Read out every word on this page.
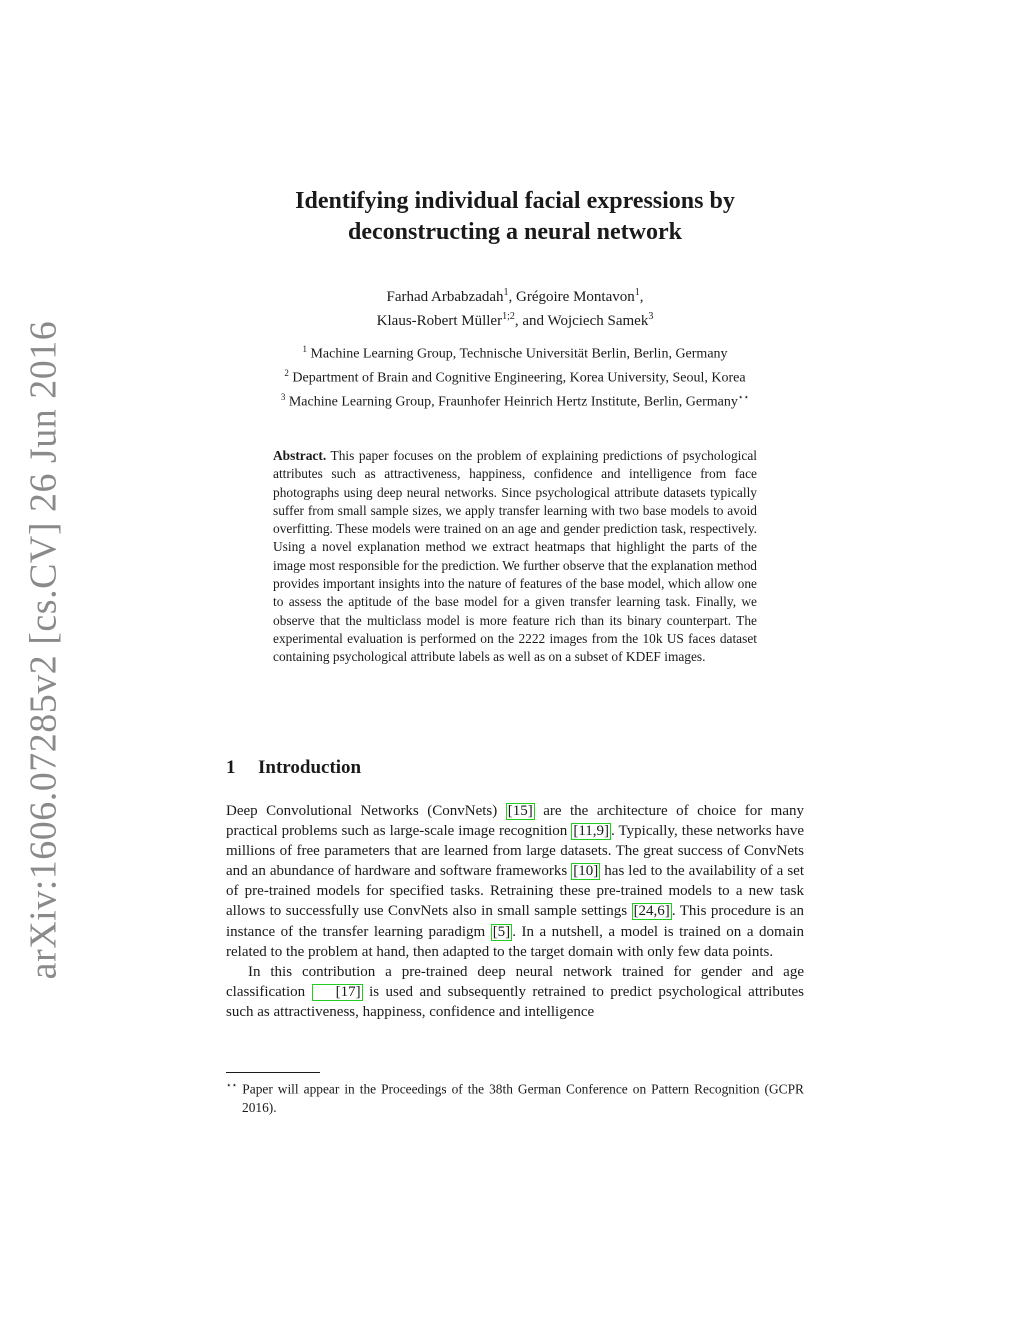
arXiv:1606.07285v2 [cs.CV] 26 Jun 2016
Identifying individual facial expressions by
deconstructing a neural network
Farhad Arbabzadah$^1$, Grégoire Montavon$^1$,
Klaus-Robert Müller$^{1;2}$, and Wojciech Samek$^3$
$^1$ Machine Learning Group, Technische Universität Berlin, Berlin, Germany
$^2$ Department of Brain and Cognitive Engineering, Korea University, Seoul, Korea
$^3$ Machine Learning Group, Fraunhofer Heinrich Hertz Institute, Berlin, Germany⋆⋆

Abstract. This paper focuses on the problem of explaining predictions of psychological attributes such as attractiveness, happiness, confidence and intelligence from face photographs using deep neural networks. Since psychological attribute datasets typically suffer from small sample sizes, we apply transfer learning with two base models to avoid overfitting. These models were trained on an age and gender prediction task, respectively. Using a novel explanation method we extract heatmaps that highlight the parts of the image most responsible for the prediction. We further observe that the explanation method provides important insights into the nature of features of the base model, which allow one to assess the aptitude of the base model for a given transfer learning task. Finally, we observe that the multiclass model is more feature rich than its binary counterpart. The experimental evaluation is performed on the 2222 images from the 10k US faces dataset containing psychological attribute labels as well as on a subset of KDEF images.

1 Introduction

Deep Convolutional Networks (ConvNets) [15] are the architecture of choice for many practical problems such as large-scale image recognition [11,9] . Typically, these networks have millions of free parameters that are learned from large datasets. The great success of ConvNets and an abundance of hardware and software frameworks [10] has led to the availability of a set of pre-trained models for specified tasks. Retraining these pre-trained models to a new task allows to successfully use ConvNets also in small sample settings [24,6] . This procedure is an instance of the transfer learning paradigm [5] . In a nutshell, a model is trained on a domain related to the problem at hand, then adapted to the target domain with only few data points.

In this contribution a pre-trained deep neural network trained for gender and age classification [17] is used and subsequently retrained to predict psychological attributes such as attractiveness, happiness, confidence and intelligence

⋆⋆ Paper will appear in the Proceedings of the 38th German Conference on Pattern Recognition (GCPR 2016).
